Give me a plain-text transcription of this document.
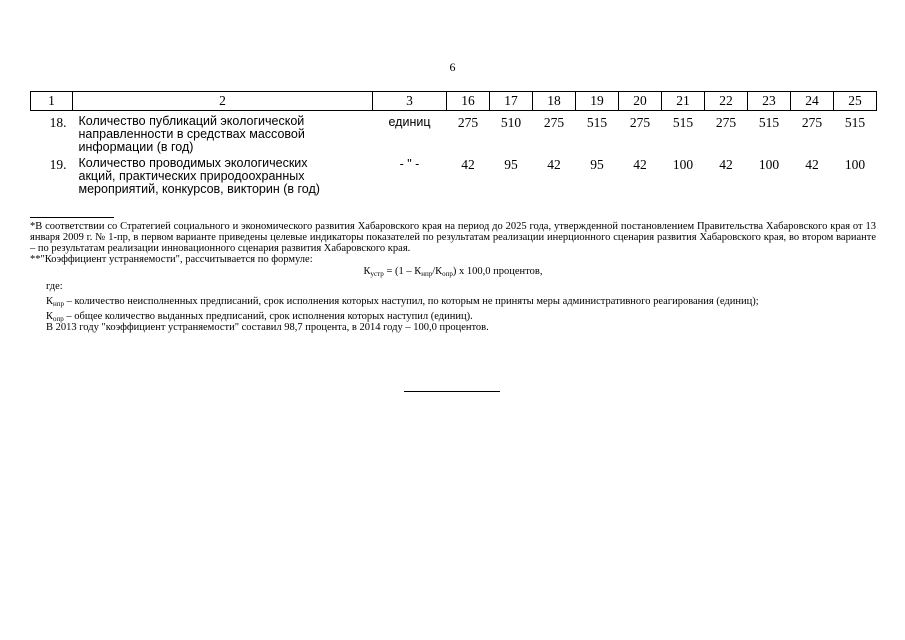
6
1	2	3	16	17	18	19	20	21	22	23	24	25
18.	Количество публикаций экологической
направленности в средствах массовой
информации (в год)	единиц	275	510	275	515	275	515	275	515	275	515
19.	Количество проводимых экологических
акций, практических природоохранных
мероприятий, конкурсов, викторин (в год)	- " -	42	95	42	95	42	100	42	100	42	100

*В соответствии со Стратегией социального и экономического развития Хабаровского края на период до 2025 года, утвержденной постановлением Правительства Хабаровского края от 13 января 2009 г. № 1-пр, в первом варианте приведены целевые индикаторы показателей по результатам реализации инерционного сценария развития Хабаровского края, во втором варианте – по результатам реализации инновационного сценария развития Хабаровского края.

**"Коэффициент устраняемости", рассчитывается по формуле:

$К_{устр} = (1 - К_{нпр}/К_{опр})$ х 100,0 процентов,

где:

$К_{нпр}$ – количество неисполненных предписаний, срок исполнения которых наступил, по которым не приняты меры административного реагирования (единиц);

$К_{опр}$ – общее количество выданных предписаний, срок исполнения которых наступил (единиц).

В 2013 году "коэффициент устраняемости" составил 98,7 процента, в 2014 году – 100,0 процентов.
